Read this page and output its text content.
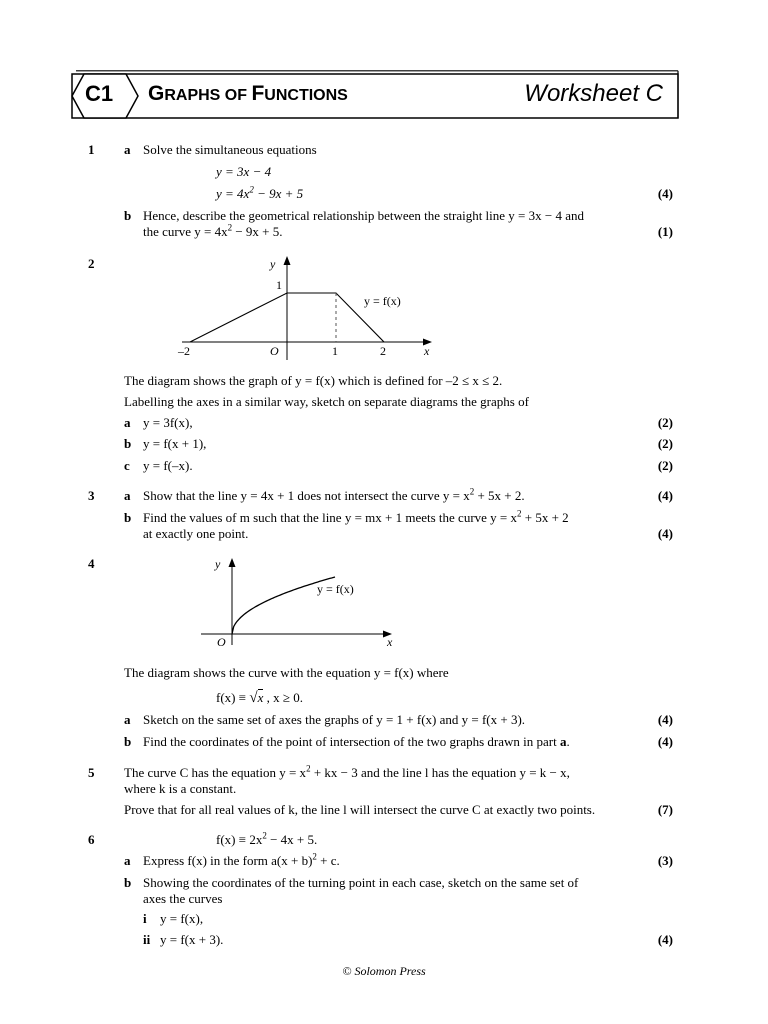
C1 GRAPHS OF FUNCTIONS	Worksheet C
1 a Solve the simultaneous equations
y = 3x − 4
$y = 4x^2 - 9x + 5$	(4)
b Hence, describe the geometrical relationship between the straight line y = 3x − 4 and
the curve $y = 4x^2 - 9x + 5$.	(1)
2	y
1
y = f(x)
–2	O	1	2	x
The diagram shows the graph of y = f(x) which is defined for –2 ≤ x ≤ 2.
Labelling the axes in a similar way, sketch on separate diagrams the graphs of
a y = 3f(x),	(2)
b y = f(x + 1),	(2)
c y = f(–x).	(2)
3 a Show that the line y = 4x + 1 does not intersect the curve $y = x^2 + 5x + 2$.	(4)
b Find the values of m such that the line y = mx + 1 meets the curve $y = x^2 + 5x + 2$
at exactly one point.	(4)
4	y
y = f(x)
O	x
The diagram shows the curve with the equation y = f(x) where
f(x) ≡ √x , x ≥ 0.
a Sketch on the same set of axes the graphs of y = 1 + f(x) and y = f(x + 3).	(4)
b Find the coordinates of the point of intersection of the two graphs drawn in part a.	(4)
5 The curve C has the equation $y = x^2$ + kx − 3 and the line l has the equation y = k − x,
where k is a constant.
Prove that for all real values of k, the line l will intersect the curve C at exactly two points.	(7)
6	$f(x) \equiv 2x^2 - 4x + 5$.
a Express f(x) in the form $a(x + b)^2 + c$.	(3)
b Showing the coordinates of the turning point in each case, sketch on the same set of
axes the curves
i y = f(x),
ii y = f(x + 3).	(4)
© Solomon Press
